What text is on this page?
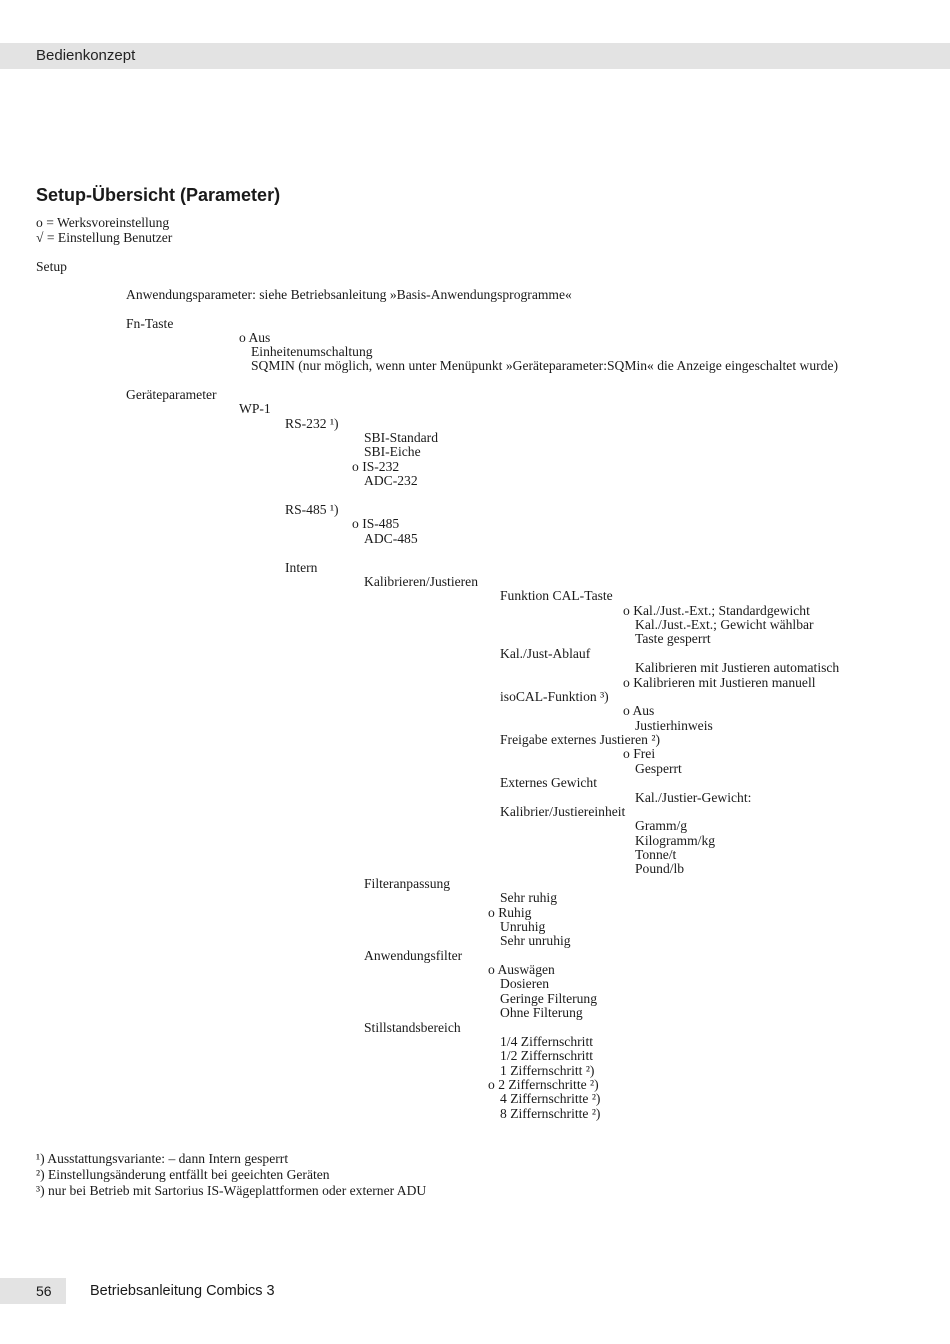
Bedienkonzept
Setup-Übersicht (Parameter)
o = Werksvoreinstellung
√ = Einstellung Benutzer
Setup
Anwendungsparameter: siehe Betriebsanleitung »Basis-Anwendungsprogramme«
Fn-Taste
o Aus
Einheitenumschaltung
SQMIN (nur möglich, wenn unter Menüpunkt »Geräteparameter:SQMin« die Anzeige eingeschaltet wurde)
Geräteparameter
WP-1
RS-232 ¹)
SBI-Standard
SBI-Eiche
o IS-232
ADC-232
RS-485 ¹)
o IS-485
ADC-485
Intern
Kalibrieren/Justieren
Funktion CAL-Taste
o Kal./Just.-Ext.; Standardgewicht
Kal./Just.-Ext.; Gewicht wählbar
Taste gesperrt
Kal./Just-Ablauf
Kalibrieren mit Justieren automatisch
o Kalibrieren mit Justieren manuell
isoCAL-Funktion ³)
o Aus
Justierhinweis
Freigabe externes Justieren ²)
o Frei
Gesperrt
Externes Gewicht
Kal./Justier-Gewicht:
Kalibrier/Justiereinheit
Gramm/g
Kilogramm/kg
Tonne/t
Pound/lb
Filteranpassung
Sehr ruhig
o Ruhig
Unruhig
Sehr unruhig
Anwendungsfilter
o Auswägen
Dosieren
Geringe Filterung
Ohne Filterung
Stillstandsbereich
1/4 Ziffernschritt
1/2 Ziffernschritt
1 Ziffernschritt ²)
o 2 Ziffernschritte ²)
4 Ziffernschritte ²)
8 Ziffernschritte ²)
¹) Ausstattungsvariante: – dann Intern gesperrt
²) Einstellungsänderung entfällt bei geeichten Geräten
³) nur bei Betrieb mit Sartorius IS-Wägeplattformen oder externer ADU
56	Betriebsanleitung Combics 3
